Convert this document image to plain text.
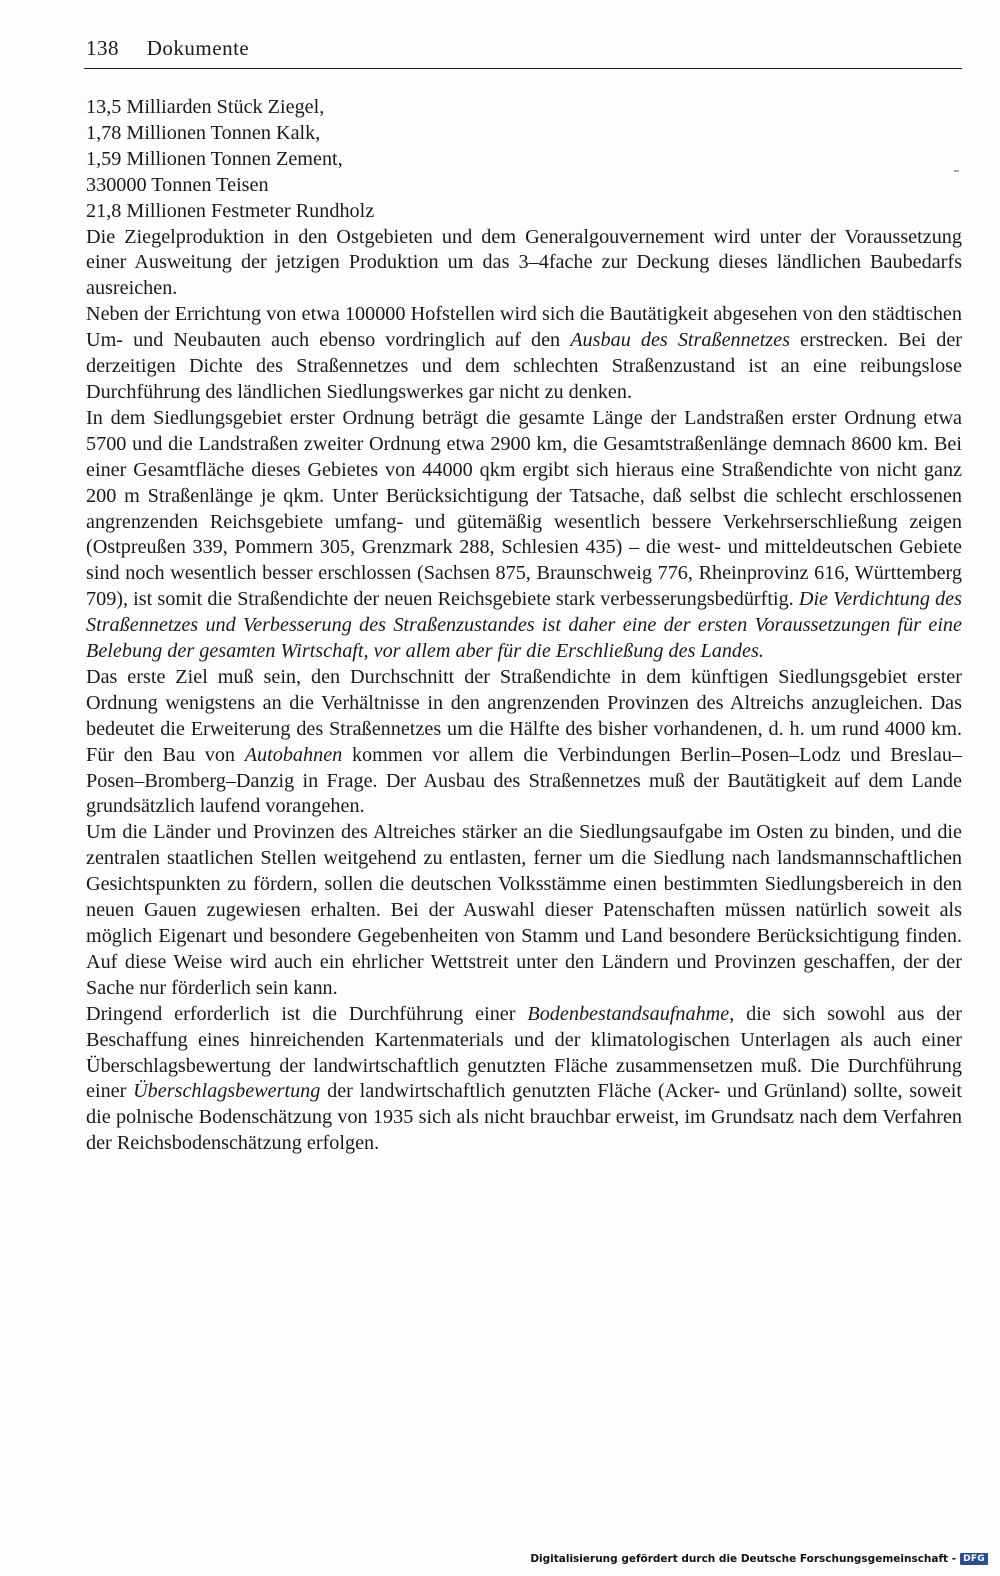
138 Dokumente
13,5 Milliarden Stück Ziegel,
1,78 Millionen Tonnen Kalk,
1,59 Millionen Tonnen Zement,
330000 Tonnen Teisen
21,8 Millionen Festmeter Rundholz

Die Ziegelproduktion in den Ostgebieten und dem Generalgouvernement wird unter der Voraussetzung einer Ausweitung der jetzigen Produktion um das 3–4fache zur Deckung dieses ländlichen Baubedarfs ausreichen.

Neben der Errichtung von etwa 100000 Hofstellen wird sich die Bautätigkeit abgesehen von den städtischen Um- und Neubauten auch ebenso vordringlich auf den Ausbau des Straßennetzes erstrecken. Bei der derzeitigen Dichte des Straßennetzes und dem schlechten Straßenzustand ist an eine reibungslose Durchführung des ländlichen Siedlungswerkes gar nicht zu denken.

In dem Siedlungsgebiet erster Ordnung beträgt die gesamte Länge der Landstraßen erster Ordnung etwa 5700 und die Landstraßen zweiter Ordnung etwa 2900 km, die Gesamtstraßenlänge demnach 8600 km. Bei einer Gesamtfläche dieses Gebietes von 44000 qkm ergibt sich hieraus eine Straßendichte von nicht ganz 200 m Straßenlänge je qkm. Unter Berücksichtigung der Tatsache, daß selbst die schlecht erschlossenen angrenzenden Reichsgebiete umfang- und gütemäßig wesentlich bessere Verkehrserschließung zeigen (Ostpreußen 339, Pommern 305, Grenzmark 288, Schlesien 435) – die west- und mitteldeutschen Gebiete sind noch wesentlich besser erschlossen (Sachsen 875, Braunschweig 776, Rheinprovinz 616, Württemberg 709), ist somit die Straßendichte der neuen Reichsgebiete stark verbesserungsbedürftig. Die Verdichtung des Straßennetzes und Verbesserung des Straßenzustandes ist daher eine der ersten Voraussetzungen für eine Belebung der gesamten Wirtschaft, vor allem aber für die Erschließung des Landes.

Das erste Ziel muß sein, den Durchschnitt der Straßendichte in dem künftigen Siedlungsgebiet erster Ordnung wenigstens an die Verhältnisse in den angrenzenden Provinzen des Altreichs anzugleichen. Das bedeutet die Erweiterung des Straßennetzes um die Hälfte des bisher vorhandenen, d. h. um rund 4000 km. Für den Bau von Autobahnen kommen vor allem die Verbindungen Berlin–Posen–Lodz und Breslau–Posen–Bromberg–Danzig in Frage. Der Ausbau des Straßennetzes muß der Bautätigkeit auf dem Lande grundsätzlich laufend vorangehen.

Um die Länder und Provinzen des Altreiches stärker an die Siedlungsaufgabe im Osten zu binden, und die zentralen staatlichen Stellen weitgehend zu entlasten, ferner um die Siedlung nach landsmannschaftlichen Gesichtspunkten zu fördern, sollen die deutschen Volksstämme einen bestimmten Siedlungsbereich in den neuen Gauen zugewiesen erhalten. Bei der Auswahl dieser Patenschaften müssen natürlich soweit als möglich Eigenart und besondere Gegebenheiten von Stamm und Land besondere Berücksichtigung finden. Auf diese Weise wird auch ein ehrlicher Wettstreit unter den Ländern und Provinzen geschaffen, der der Sache nur förderlich sein kann.

Dringend erforderlich ist die Durchführung einer Bodenbestandsaufnahme, die sich sowohl aus der Beschaffung eines hinreichenden Kartenmaterials und der klimatologischen Unterlagen als auch einer Überschlagsbewertung der landwirtschaftlich genutzten Fläche zusammensetzen muß. Die Durchführung einer Überschlagsbewertung der landwirtschaftlich genutzten Fläche (Acker- und Grünland) sollte, soweit die polnische Bodenschätzung von 1935 sich als nicht brauchbar erweist, im Grundsatz nach dem Verfahren der Reichsbodenschätzung erfolgen.

Digitalisierung gefördert durch die Deutsche Forschungsgemeinschaft - DFG
